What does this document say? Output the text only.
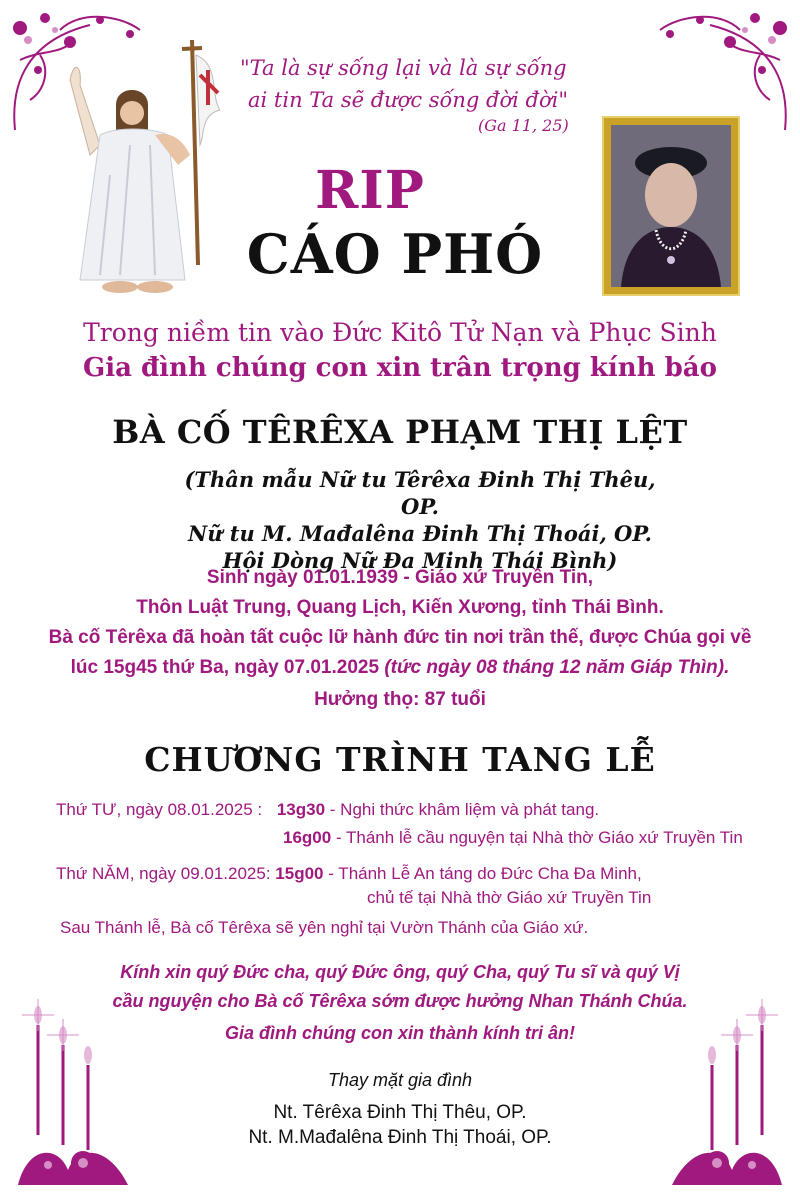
"Ta là sự sống lại và là sự sống
ai tin Ta sẽ được sống đời đời"
(Ga 11, 25)
RIP
CÁO PHÓ
Trong niềm tin vào Đức Kitô Tử Nạn và Phục Sinh
Gia đình chúng con xin trân trọng kính báo
BÀ CỐ TÊRÊXA PHẠM THỊ LỆT
(Thân mẫu Nữ tu Têrêxa Đinh Thị Thêu, OP.
Nữ tu M. Mađalêna Đinh Thị Thoái, OP.
Hội Dòng Nữ Đa Minh Thái Bình)
Sinh ngày 01.01.1939 - Giáo xứ Truyền Tin,
Thôn Luật Trung, Quang Lịch, Kiến Xương, tỉnh Thái Bình.
Bà cố Têrêxa đã hoàn tất cuộc lữ hành đức tin nơi trần thế, được Chúa gọi về
lúc 15g45 thứ Ba, ngày 07.01.2025 (tức ngày 08 tháng 12 năm Giáp Thìn).
Hưởng thọ: 87 tuổi
CHƯƠNG TRÌNH TANG LỄ
Thứ TƯ, ngày 08.01.2025 : 13g30 - Nghi thức khâm liệm và phát tang.
16g00 - Thánh lễ cầu nguyện tại Nhà thờ Giáo xứ Truyền Tin
Thứ NĂM, ngày 09.01.2025: 15g00 - Thánh Lễ An táng do Đức Cha Đa Minh,
chủ tế tại Nhà thờ Giáo xứ Truyền Tin
Sau Thánh lễ, Bà cố Têrêxa sẽ yên nghỉ tại Vườn Thánh của Giáo xứ.
Kính xin quý Đức cha, quý Đức ông, quý Cha, quý Tu sĩ và quý Vị
cầu nguyện cho Bà cố Têrêxa sớm được hưởng Nhan Thánh Chúa.
Gia đình chúng con xin thành kính tri ân!
Thay mặt gia đình
Nt. Têrêxa Đinh Thị Thêu, OP.
Nt. M.Mađalêna Đinh Thị Thoái, OP.
